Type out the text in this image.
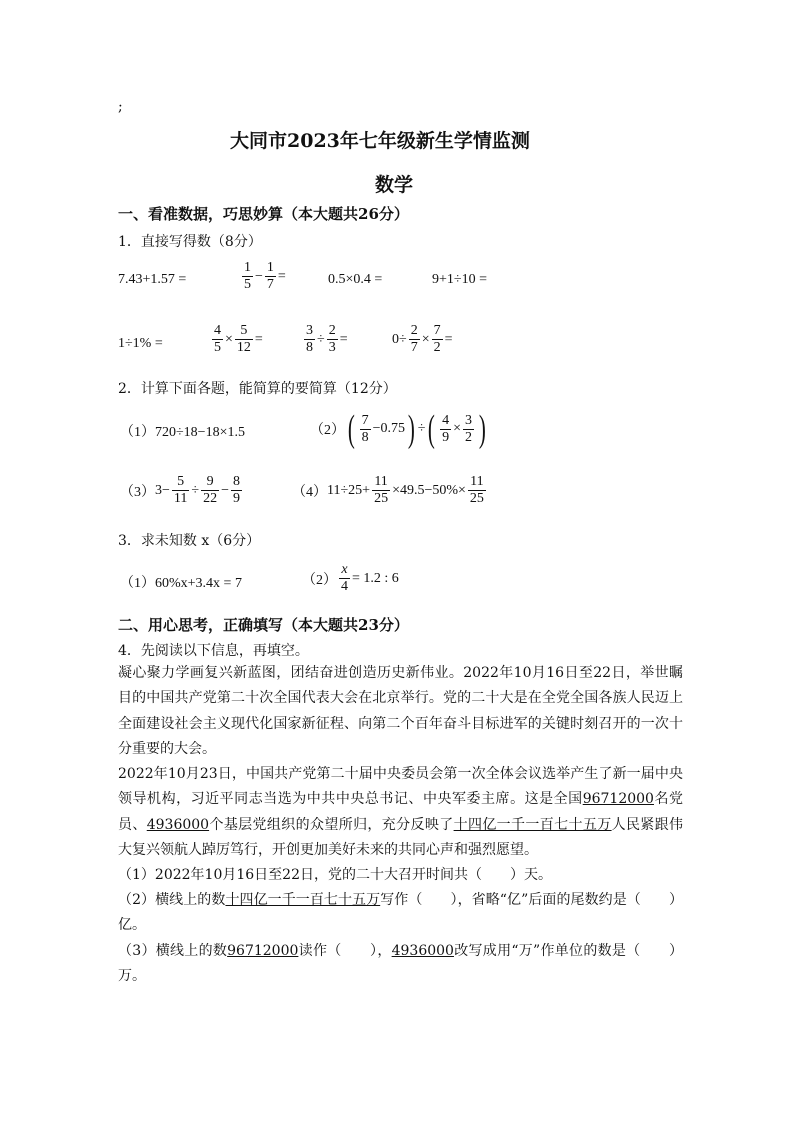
;
大同市2023年七年级新生学情监测
数学
一、看准数据，巧思妙算（本大题共26分）
1．直接写得数（8分）
7.43+1.57 =	$\frac{1}{5} - \frac{1}{7}$ =	0.5×0.4 =	9+1÷10 =
1÷1% =	$\frac{4}{5} \times \frac{5}{12}$ =	$\frac{3}{8} \div \frac{2}{3}$ =	$0\div \frac{2}{7} \times \frac{7}{2}$ =
2．计算下面各题，能简算的要简算（12分）
（1）720÷18−18×1.5	（2） ( $\frac{7}{8} -0.75$ ) ÷ ( $\frac{4}{9} \times \frac{3}{2}$ )
（3） $3- \frac{5}{11} \div \frac{9}{22} - \frac{8}{9}$	（4） $11\div 25+ \frac{11}{25} \times 49.5-50\%\times \frac{11}{25}$
3．求未知数 x（6分）
（1）60%x+3.4x = 7	$(2) \frac{x}{4} = 1.2$ : 6
二、用心思考，正确填写（本大题共23分）
4．先阅读以下信息，再填空。
凝心聚力学画复兴新蓝图，团结奋进创造历史新伟业。2022年10月16日至22日，举世瞩目的中国共产党第二十次全国代表大会在北京举行。党的二十大是在全党全国各族人民迈上全面建设社会主义现代化国家新征程、向第二个百年奋斗目标进军的关键时刻召开的一次十分重要的大会。
2022年10月23日，中国共产党第二十届中央委员会第一次全体会议选举产生了新一届中央领导机构，习近平同志当选为中共中央总书记、中央军委主席。这是全国96712000名党员、4936000个基层党组织的众望所归，充分反映了十四亿一千一百七十五万人民紧跟伟大复兴领航人踔厉笃行，开创更加美好未来的共同心声和强烈愿望。
（1）2022年10月16日至22日，党的二十大召开时间共（　　）天。
（2）横线上的数十四亿一千一百七十五万写作（　　），省略“亿”后面的尾数约是（　　）亿。
（3）横线上的数96712000读作（　　），4936000改写成用“万”作单位的数是（　　）万。
